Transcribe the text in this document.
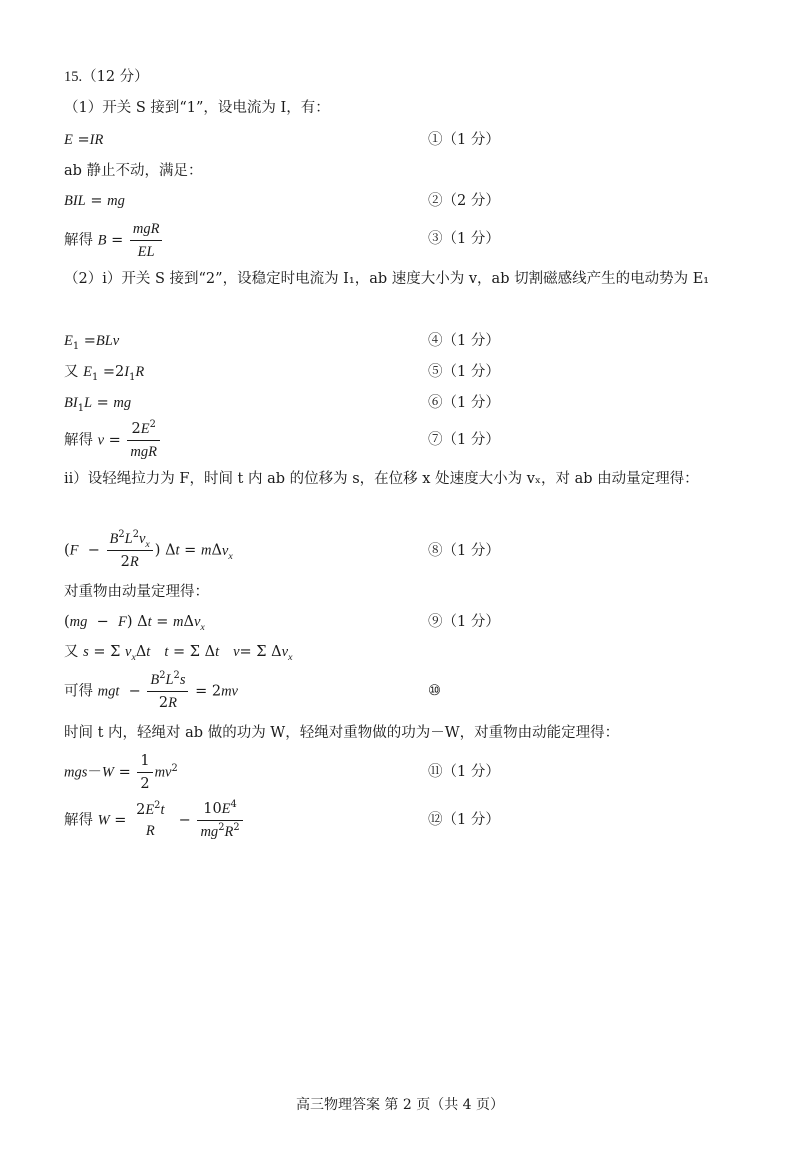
15.（12 分）
（1）开关 S 接到“1”，设电流为 I，有：
E =IR	①（1 分）
ab 静止不动，满足：
BIL = mg	②（2 分）
解得 $B = \frac{\text{mgR}}{EL}$	③（1 分）
（2）i）开关 S 接到“2”，设稳定时电流为 I₁，ab 速度大小为 v，ab 切割磁感线产生的电动势为 E₁
$E_1 =BLv$	④（1 分）
又 $E_1 =2I_1R$	⑤（1 分）
$BI_1L$ = mg	⑥（1 分）
解得 $v = \frac{2E^2}{\text{mgR}}$	⑦（1 分）
ii）设轻绳拉力为 F，时间 t 内 ab 的位移为 s，在位移 x 处速度大小为 vₓ，对 ab 由动量定理得：
($F - \frac{B^2L^2v_x}{2R}$ ) Δt = mΔv$_x$	⑧（1 分）
对重物由动量定理得：
(mg  −  F) Δt = mΔv$_x$	⑨（1 分）
又 s = Σ $v_x\Delta t$ t = Σ Δt v= Σ $\Delta v_x$
可得 mgt  − $\frac{B^2L^2s}{2R} = 2mv$	⑩
时间 t 内，轻绳对 ab 做的功为 W，轻绳对重物做的功为－W，对重物由动能定理得：
$mgs-W = \frac{1}{2} mv^2$	⑪（1 分）
解得 W =
$2E^2t$
R
− $\frac{10E^4}{mg^2R^2}$	⑫（1 分）
高三物理答案 第 2 页（共 4 页）
